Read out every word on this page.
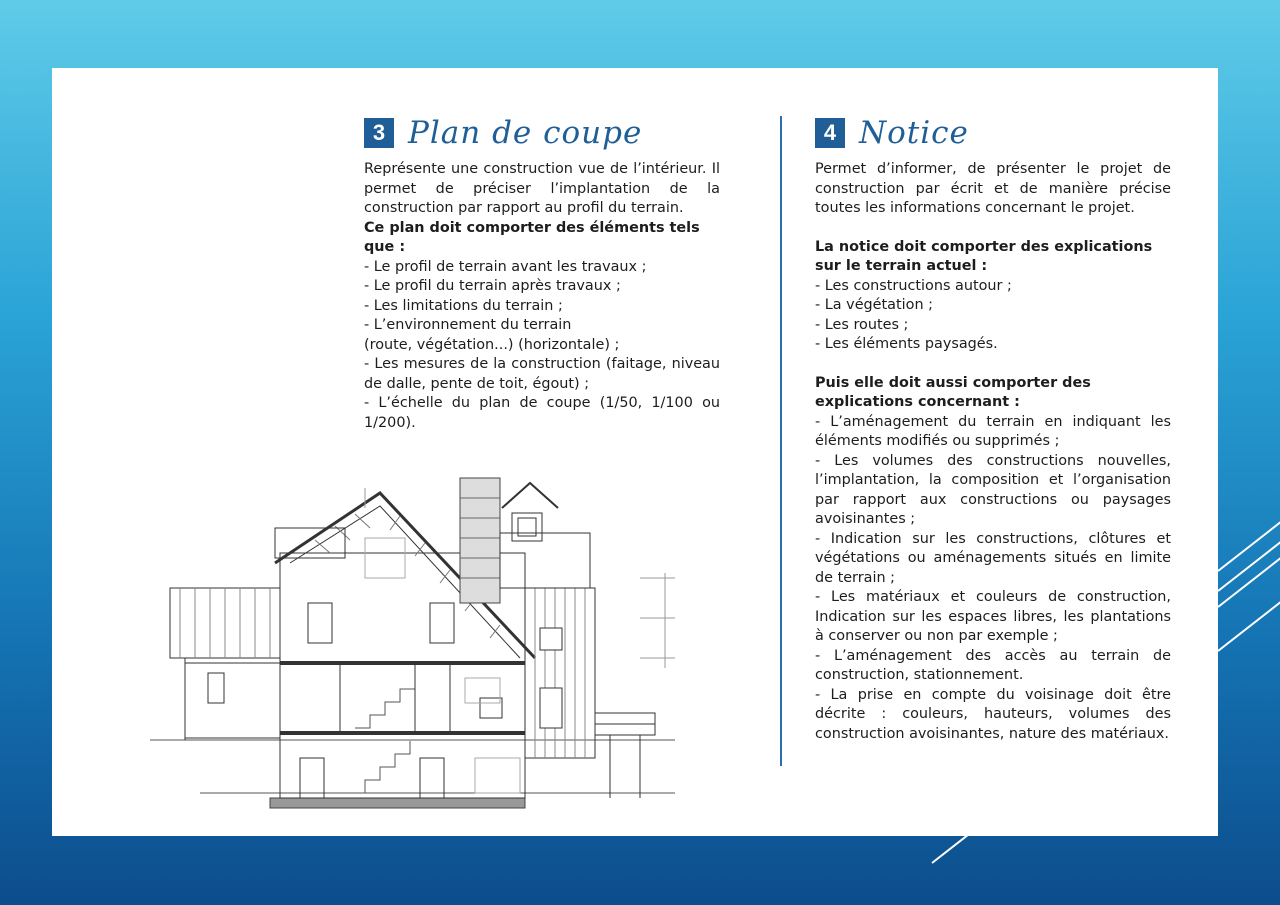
3 Plan de coupe

Représente une construction vue de l’intérieur. Il permet de préciser l’implantation de la construction par rapport au profil du terrain.

Ce plan doit comporter des éléments tels que :

- Le profil de terrain avant les travaux ;
- Le profil du terrain après travaux ;
- Les limitations du terrain ;
- L’environnement du terrain
(route, végétation...) (horizontale) ;
- Les mesures de la construction (faitage, niveau de dalle, pente de toit, égout) ;
- L’échelle du plan de coupe (1/50, 1/100 ou 1/200).
4 Notice

Permet d’informer, de présenter le projet de construction par écrit et de manière précise toutes les informations concernant le projet.

La notice doit comporter des explications sur le terrain actuel :

- Les constructions autour ;
- La végétation ;
- Les routes ;
- Les éléments paysagés.

Puis elle doit aussi comporter des explications concernant :

- L’aménagement du terrain en indiquant les éléments modifiés ou supprimés ;
- Les volumes des constructions nouvelles, l’implantation, la composition et l’organisation par rapport aux constructions ou paysages avoisinantes ;
- Indication sur les constructions, clôtures et végétations ou aménagements situés en limite de terrain ;
- Les matériaux et couleurs de construction, Indication sur les espaces libres, les plantations à conserver ou non par exemple ;
- L’aménagement des accès au terrain de construction, stationnement.
- La prise en compte du voisinage doit être décrite : couleurs, hauteurs, volumes des construction avoisinantes, nature des matériaux.
